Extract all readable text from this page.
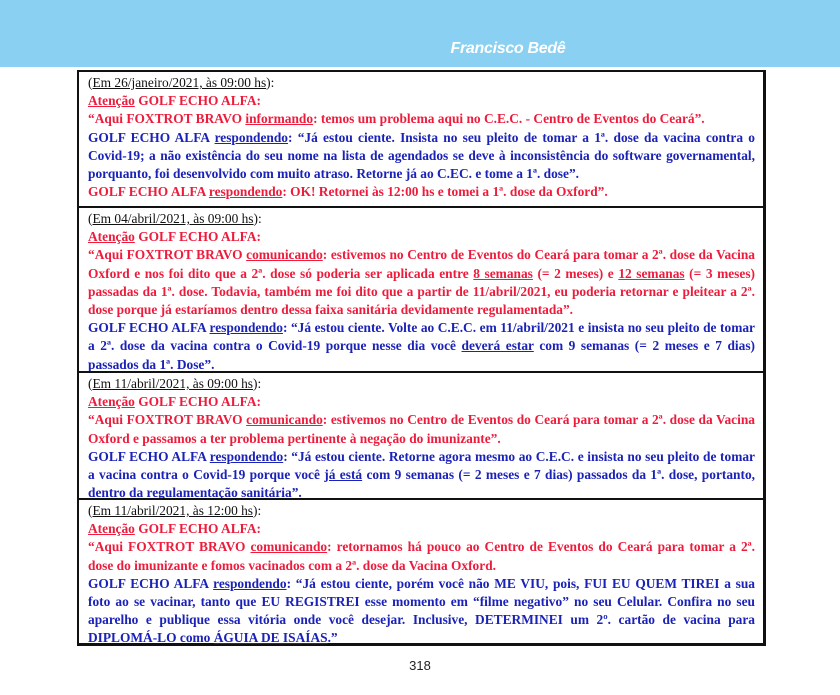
Francisco Bedê
(Em 26/janeiro/2021, às 09:00 hs):
Atenção GOLF ECHO ALFA:
“Aqui FOXTROT BRAVO informando: temos um problema aqui no C.E.C. - Centro de Eventos do Ceará”.
GOLF ECHO ALFA respondendo: “Já estou ciente. Insista no seu pleito de tomar a 1ª. dose da vacina contra o Covid-19; a não existência do seu nome na lista de agendados se deve à inconsistência do software governamental, porquanto, foi desenvolvido com muito atraso. Retorne já ao C.EC. e tome a 1ª. dose”.
GOLF ECHO ALFA respondendo: OK! Retornei às 12:00 hs e tomei a 1ª. dose da Oxford”.
(Em 04/abril/2021, às 09:00 hs):
Atenção GOLF ECHO ALFA:
“Aqui FOXTROT BRAVO comunicando: estivemos no Centro de Eventos do Ceará para tomar a 2ª. dose da Vacina Oxford e nos foi dito que a 2ª. dose só poderia ser aplicada entre 8 semanas (= 2 meses) e 12 semanas (= 3 meses) passadas da 1ª. dose. Todavia, também me foi dito que a partir de 11/abril/2021, eu poderia retornar e pleitear a 2ª. dose porque já estaríamos dentro dessa faixa sanitária devidamente regulamentada”.
GOLF ECHO ALFA respondendo: “Já estou ciente. Volte ao C.E.C. em 11/abril/2021 e insista no seu pleito de tomar a 2ª. dose da vacina contra o Covid-19 porque nesse dia você deverá estar com 9 semanas (= 2 meses e 7 dias) passados da 1ª. Dose”.
(Em 11/abril/2021, às 09:00 hs):
Atenção GOLF ECHO ALFA:
“Aqui FOXTROT BRAVO comunicando: estivemos no Centro de Eventos do Ceará para tomar a 2ª. dose da Vacina Oxford e passamos a ter problema pertinente à negação do imunizante”.
GOLF ECHO ALFA respondendo: “Já estou ciente. Retorne agora mesmo ao C.E.C. e insista no seu pleito de tomar a vacina contra o Covid-19 porque você já está com 9 semanas (= 2 meses e 7 dias) passados da 1ª. dose, portanto, dentro da regulamentação sanitária”.
(Em 11/abril/2021, às 12:00 hs):
Atenção GOLF ECHO ALFA:
“Aqui FOXTROT BRAVO comunicando: retornamos há pouco ao Centro de Eventos do Ceará para tomar a 2ª. dose do imunizante e fomos vacinados com a 2ª. dose da Vacina Oxford.
GOLF ECHO ALFA respondendo: “Já estou ciente, porém você não ME VIU, pois, FUI EU QUEM TIREI a sua foto ao se vacinar, tanto que EU REGISTREI esse momento em “filme negativo” no seu Celular. Confira no seu aparelho e publique essa vitória onde você desejar. Inclusive, DETERMINEI um 2º. cartão de vacina para DIPLOMÁ-LO como ÁGUIA DE ISAÍAS.”
318
